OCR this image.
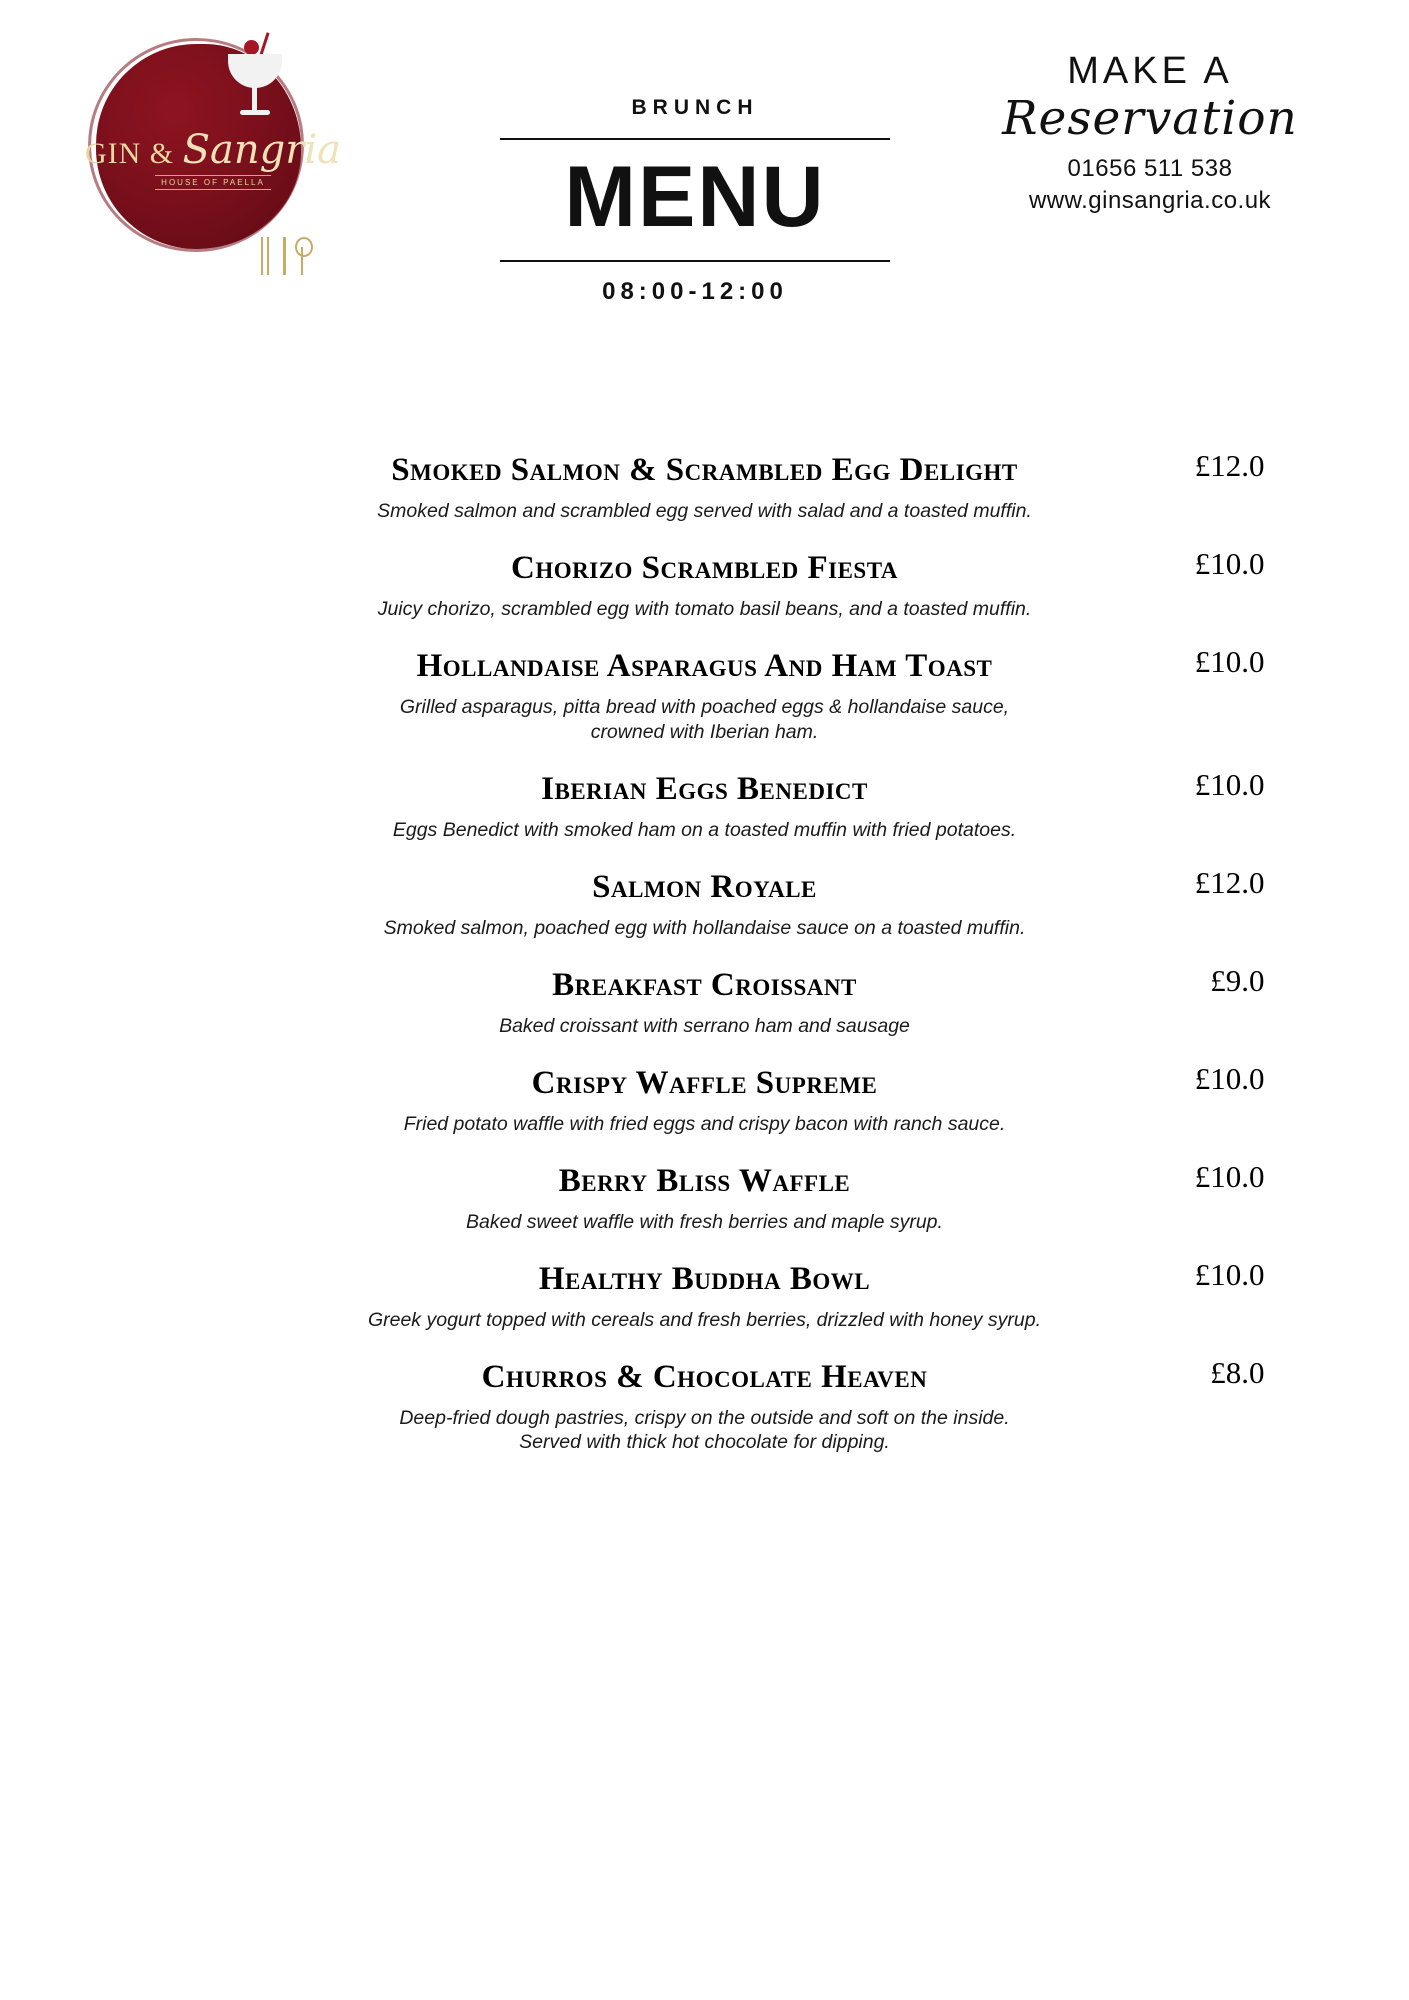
GIN & Sangria
HOUSE OF PAELLA
BRUNCH
MENU
08:00-12:00
MAKE A
Reservation
01656 511 538
www.ginsangria.co.uk
Smoked Salmon & Scrambled Egg Delight	£12.0
Smoked salmon and scrambled egg served with salad and a toasted muffin.
Chorizo Scrambled Fiesta	£10.0
Juicy chorizo, scrambled egg with tomato basil beans, and a toasted muffin.
Hollandaise Asparagus And Ham Toast	£10.0
Grilled asparagus, pitta bread with poached eggs & hollandaise sauce, crowned with Iberian ham.
Iberian Eggs Benedict	£10.0
Eggs Benedict with smoked ham on a toasted muffin with fried potatoes.
Salmon Royale	£12.0
Smoked salmon, poached egg with hollandaise sauce on a toasted muffin.
Breakfast Croissant	£9.0
Baked croissant with serrano ham and sausage
Crispy Waffle Supreme	£10.0
Fried potato waffle with fried eggs and crispy bacon with ranch sauce.
Berry Bliss Waffle	£10.0
Baked sweet waffle with fresh berries and maple syrup.
Healthy Buddha Bowl	£10.0
Greek yogurt topped with cereals and fresh berries, drizzled with honey syrup.
Churros & Chocolate Heaven	£8.0
Deep-fried dough pastries, crispy on the outside and soft on the inside. Served with thick hot chocolate for dipping.
